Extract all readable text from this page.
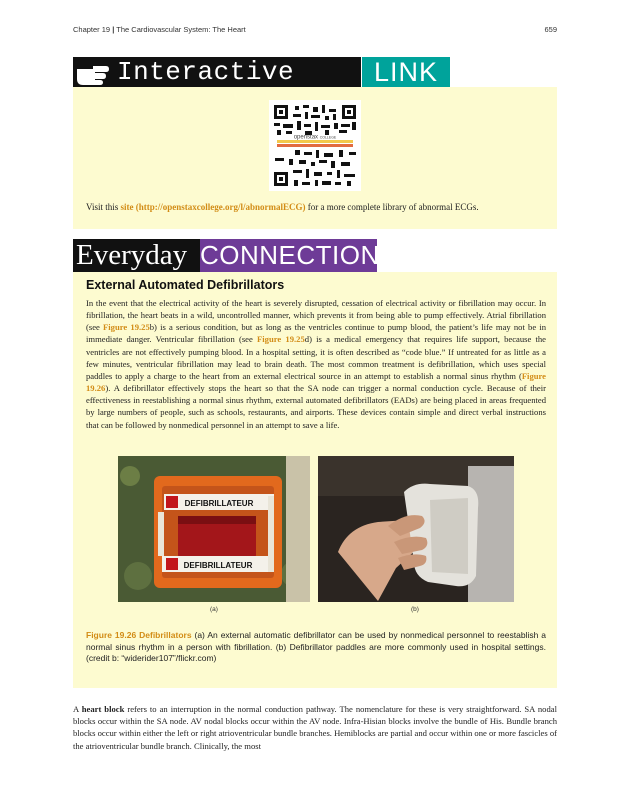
Chapter 19 | The Cardiovascular System: The Heart	659
Interactive	LINK
openstax COLLEGE
Visit this site (http://openstaxcollege.org/l/abnormalECG) for a more complete library of abnormal ECGs.
Everyday CONNECTION
External Automated Defibrillators
In the event that the electrical activity of the heart is severely disrupted, cessation of electrical activity or fibrillation may occur. In fibrillation, the heart beats in a wild, uncontrolled manner, which prevents it from being able to pump effectively. Atrial fibrillation (see Figure 19.25b) is a serious condition, but as long as the ventricles continue to pump blood, the patient’s life may not be in immediate danger. Ventricular fibrillation (see Figure 19.25d) is a medical emergency that requires life support, because the ventricles are not effectively pumping blood. In a hospital setting, it is often described as “code blue.” If untreated for as little as a few minutes, ventricular fibrillation may lead to brain death. The most common treatment is defibrillation, which uses special paddles to apply a charge to the heart from an external electrical source in an attempt to establish a normal sinus rhythm (Figure 19.26). A defibrillator effectively stops the heart so that the SA node can trigger a normal conduction cycle. Because of their effectiveness in reestablishing a normal sinus rhythm, external automated defibrillators (EADs) are being placed in areas frequented by large numbers of people, such as schools, restaurants, and airports. These devices contain simple and direct verbal instructions that can be followed by nonmedical personnel in an attempt to save a life.
DEFIBRILLATEUR
DEFIBRILLATEUR
(a)	(b)
Figure 19.26 Defibrillators (a) An external automatic defibrillator can be used by nonmedical personnel to reestablish a normal sinus rhythm in a person with fibrillation. (b) Defibrillator paddles are more commonly used in hospital settings. (credit b: “widerider107”/flickr.com)
A heart block refers to an interruption in the normal conduction pathway. The nomenclature for these is very straightforward. SA nodal blocks occur within the SA node. AV nodal blocks occur within the AV node. Infra-Hisian blocks involve the bundle of His. Bundle branch blocks occur within either the left or right atrioventricular bundle branches. Hemiblocks are partial and occur within one or more fascicles of the atrioventricular bundle branch. Clinically, the most
